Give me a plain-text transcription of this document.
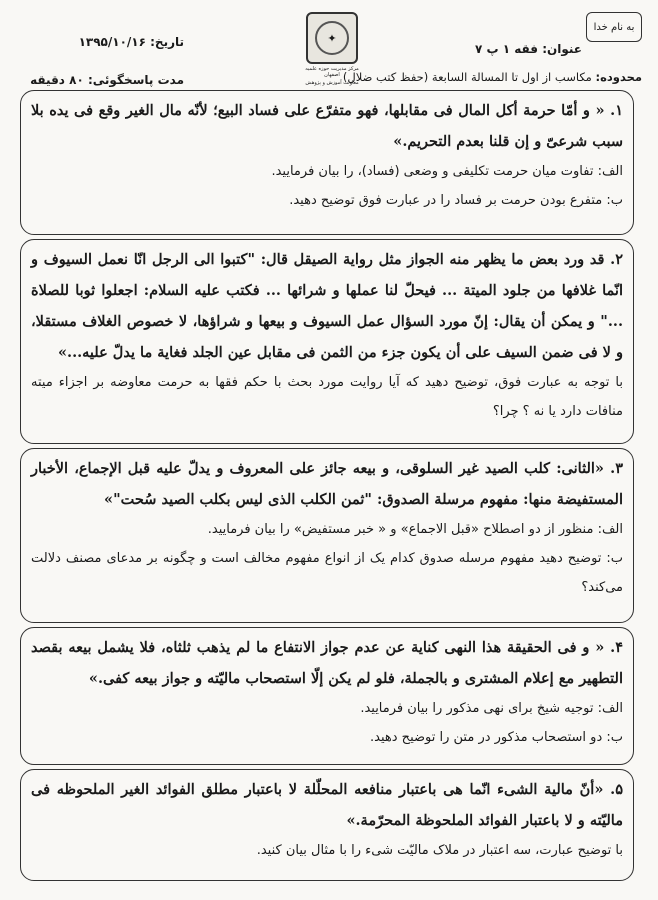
تاریخ: ۱۳۹۵/۱۰/۱۶
مدت پاسخگوئی: ۸۰ دقیقه
✦
مرکز مدیریت حوزه علمیه اصفهان
معاونت آموزش و پژوهش
به نام خدا
عنوان: فقه ۱ پ ۷
محدوده: مکاسب از اول تا المسالة السابعة (حفظ کتب ضلال)

۱. « و أمّا حرمة أکل المال فی مقابلها، فهو متفرّع علی فساد البیع؛ لأنّه مال الغیر وقع فی یده بلا سبب شرعیّ و إن قلنا بعدم التحریم.»

الف: تفاوت میان حرمت تکلیفی و وضعی (فساد)، را بیان فرمایید.

ب: متفرع بودن حرمت بر فساد را در عبارت فوق توضیح دهید.

۲. قد ورد بعض ما یظهر منه الجواز مثل روایة الصیقل قال: "کتبوا الی الرجل انّا نعمل السیوف و انّما غلافها من جلود المیتة ... فیحلّ لنا عملها و شرائها ... فکتب علیه السلام: اجعلوا ثوبا للصلاة ..." و یمکن أن یقال: إنّ مورد السؤال عمل السیوف و بیعها و شراؤها، لا خصوص الغلاف مستقلا، و لا فی ضمن السیف علی أن یکون جزء من الثمن فی مقابل عین الجلد فغایة ما یدلّ علیه...»

با توجه به عبارت فوق، توضیح دهید که آیا روایت مورد بحث با حکم فقها به حرمت معاوضه بر اجزاء میته منافات دارد یا نه ؟ چرا؟

۳. «الثانی: کلب الصید غیر السلوقی، و بیعه جائز علی المعروف و یدلّ علیه قبل الإجماع، الأخبار المستفیضة منها: مفهوم مرسلة الصدوق: "ثمن الکلب الذی لیس بکلب الصید سُحت"»

الف: منظور از دو اصطلاح «قبل الاجماع» و « خبر مستفیض» را بیان فرمایید.

ب: توضیح دهید مفهوم مرسله صدوق کدام یک از انواع مفهوم مخالف است و چگونه بر مدعای مصنف دلالت می‌کند؟

۴. « و فی الحقیقة هذا النهی کنایة عن عدم جواز الانتفاع ما لم یذهب ثلثاه، فلا یشمل بیعه بقصد التطهیر مع إعلام المشتری و بالجملة، فلو لم یکن إلّا استصحاب مالیّته و جواز بیعه کفی.»

الف: توجیه شیخ برای نهی مذکور را بیان فرمایید.

ب: دو استصحاب مذکور در متن را توضیح دهید.

۵. «أنّ مالیة الشیء انّما هی باعتبار منافعه المحلّلة لا باعتبار مطلق الفوائد الغیر الملحوظه فی مالیّته و لا باعتبار الفوائد الملحوظة المحرّمة.»

با توضیح عبارت، سه اعتبار در ملاک مالیّت شیء را با مثال بیان کنید.
